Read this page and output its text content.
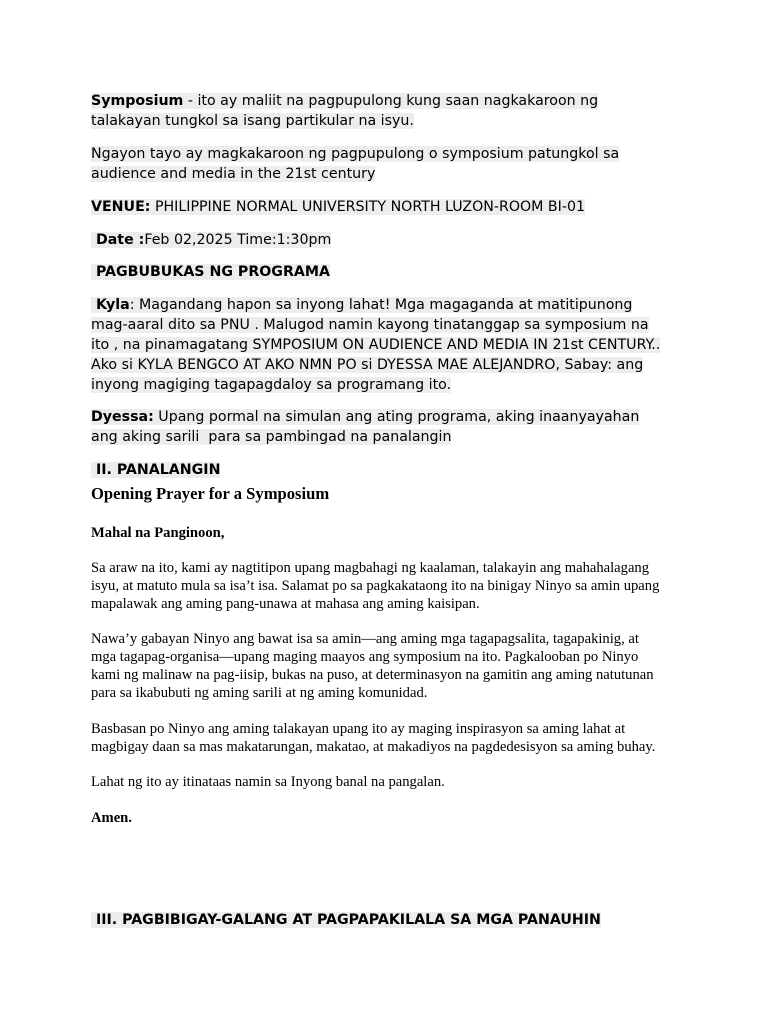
Symposium - ito ay maliit na pagpupulong kung saan nagkakaroon ng
talakayan tungkol sa isang partikular na isyu.
Ngayon tayo ay magkakaroon ng pagpupulong o symposium patungkol sa
audience and media in the 21st century
VENUE: PHILIPPINE NORMAL UNIVERSITY NORTH LUZON-ROOM BI-01
Date :Feb 02,2025 Time:1:30pm
PAGBUBUKAS NG PROGRAMA
Kyla: Magandang hapon sa inyong lahat! Mga magaganda at matitipunong
mag-aaral dito sa PNU . Malugod namin kayong tinatanggap sa symposium na
ito , na pinamagatang SYMPOSIUM ON AUDIENCE AND MEDIA IN 21st CENTURY..
Ako si KYLA BENGCO AT AKO NMN PO si DYESSA MAE ALEJANDRO, Sabay: ang
inyong magiging tagapagdaloy sa programang ito.
Dyessa: Upang pormal na simulan ang ating programa, aking inaanyayahan
ang aking sarili  para sa pambingad na panalangin
II. PANALANGIN
Opening Prayer for a Symposium
Mahal na Panginoon,
Sa araw na ito, kami ay nagtitipon upang magbahagi ng kaalaman, talakayin ang mahahalagang
isyu, at matuto mula sa isa’t isa. Salamat po sa pagkakataong ito na binigay Ninyo sa amin upang
mapalawak ang aming pang-unawa at mahasa ang aming kaisipan.
Nawa’y gabayan Ninyo ang bawat isa sa amin—ang aming mga tagapagsalita, tagapakinig, at
mga tagapag-organisa—upang maging maayos ang symposium na ito. Pagkalooban po Ninyo
kami ng malinaw na pag-iisip, bukas na puso, at determinasyon na gamitin ang aming natutunan
para sa ikabubuti ng aming sarili at ng aming komunidad.
Basbasan po Ninyo ang aming talakayan upang ito ay maging inspirasyon sa aming lahat at
magbigay daan sa mas makatarungan, makatao, at makadiyos na pagdedesisyon sa aming buhay.
Lahat ng ito ay itinataas namin sa Inyong banal na pangalan.
Amen.
III. PAGBIBIGAY-GALANG AT PAGPAPAKILALA SA MGA PANAUHIN
